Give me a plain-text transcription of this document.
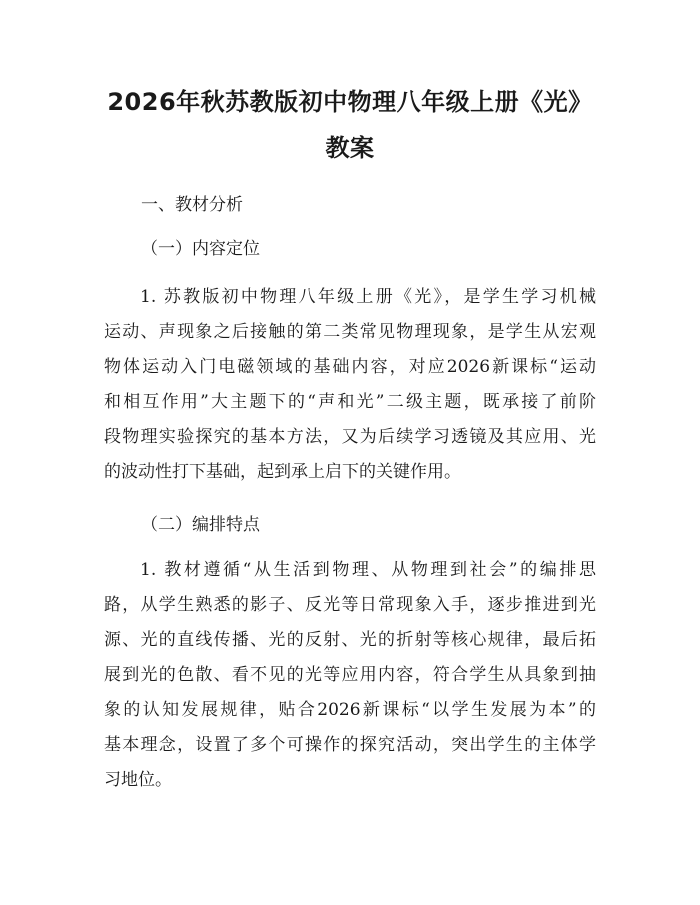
2026年秋苏教版初中物理八年级上册《光》
教案
一、教材分析
（一）内容定位
1. 苏教版初中物理八年级上册《光》，是学生学习机械
运动、声现象之后接触的第二类常见物理现象，是学生从宏观
物体运动入门电磁领域的基础内容，对应2026新课标“运动
和相互作用”大主题下的“声和光”二级主题，既承接了前阶
段物理实验探究的基本方法，又为后续学习透镜及其应用、光
的波动性打下基础，起到承上启下的关键作用。
（二）编排特点
1. 教材遵循“从生活到物理、从物理到社会”的编排思
路，从学生熟悉的影子、反光等日常现象入手，逐步推进到光
源、光的直线传播、光的反射、光的折射等核心规律，最后拓
展到光的色散、看不见的光等应用内容，符合学生从具象到抽
象的认知发展规律，贴合2026新课标“以学生发展为本”的
基本理念，设置了多个可操作的探究活动，突出学生的主体学
习地位。
